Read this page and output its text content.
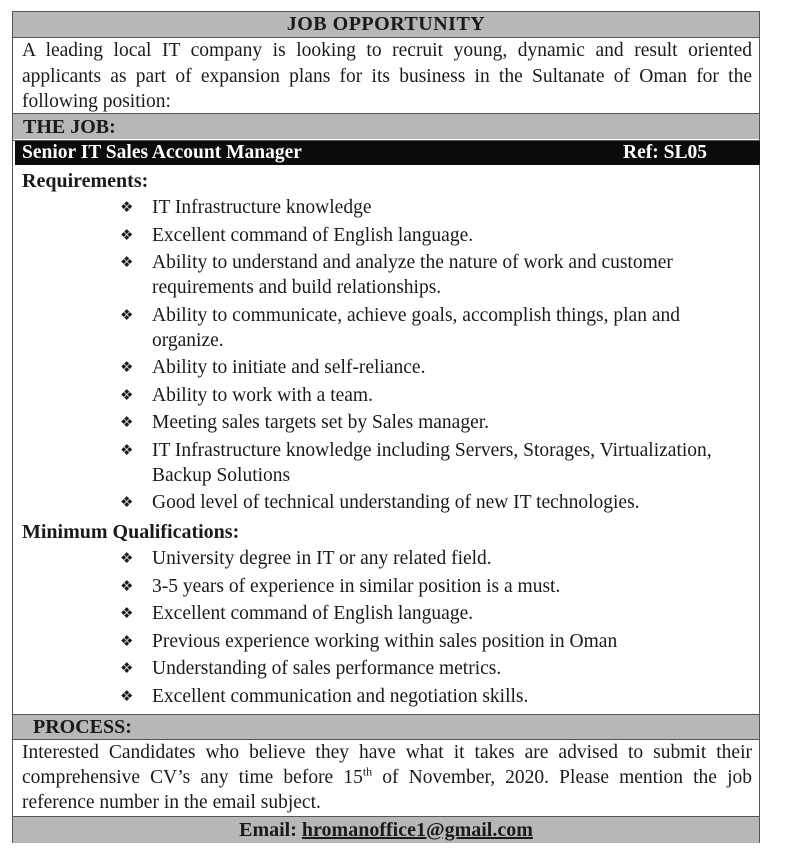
JOB OPPORTUNITY
A leading local IT company is looking to recruit young, dynamic and result oriented applicants as part of expansion plans for its business in the Sultanate of Oman for the following position:
THE JOB:
Senior IT Sales Account Manager	Ref: SL05
Requirements:
❖ IT Infrastructure knowledge
❖ Excellent command of English language.
❖ Ability to understand and analyze the nature of work and customer requirements and build relationships.
❖ Ability to communicate, achieve goals, accomplish things, plan and organize.
❖ Ability to initiate and self-reliance.
❖ Ability to work with a team.
❖ Meeting sales targets set by Sales manager.
❖ IT Infrastructure knowledge including Servers, Storages, Virtualization, Backup Solutions
❖ Good level of technical understanding of new IT technologies.
Minimum Qualifications:
❖ University degree in IT or any related field.
❖ 3-5 years of experience in similar position is a must.
❖ Excellent command of English language.
❖ Previous experience working within sales position in Oman
❖ Understanding of sales performance metrics.
❖ Excellent communication and negotiation skills.
PROCESS:
Interested Candidates who believe they have what it takes are advised to submit their comprehensive CV’s any time before 15th of November, 2020. Please mention the job reference number in the email subject.
Email: hromanoffice1@gmail.com
